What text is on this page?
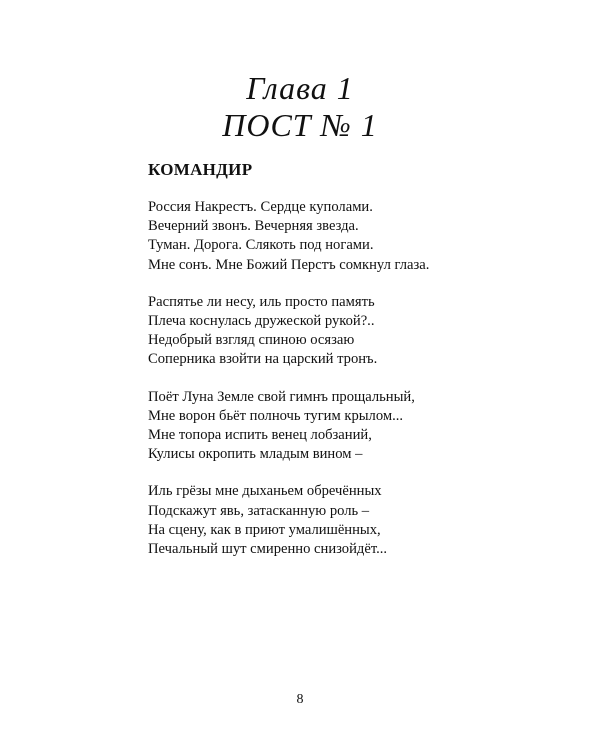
Глава 1
ПОСТ № 1
КОМАНДИР
Россия Накрестъ. Сердце куполами.
Вечерний звонъ. Вечерняя звезда.
Туман. Дорога. Слякоть под ногами.
Мне сонъ. Мне Божий Перстъ сомкнул глаза.
Распятье ли несу, иль просто память
Плеча коснулась дружеской рукой?..
Недобрый взгляд спиною осязаю
Соперника взойти на царский тронъ.
Поёт Луна Земле свой гимнъ прощальный,
Мне ворон бьёт полночь тугим крылом...
Мне топора испить венец лобзаний,
Кулисы окропить младым вином –
Иль грёзы мне дыханьем обречённых
Подскажут явь, затасканную роль –
На сцену, как в приют умалишённых,
Печальный шут смиренно снизойдёт...
8
